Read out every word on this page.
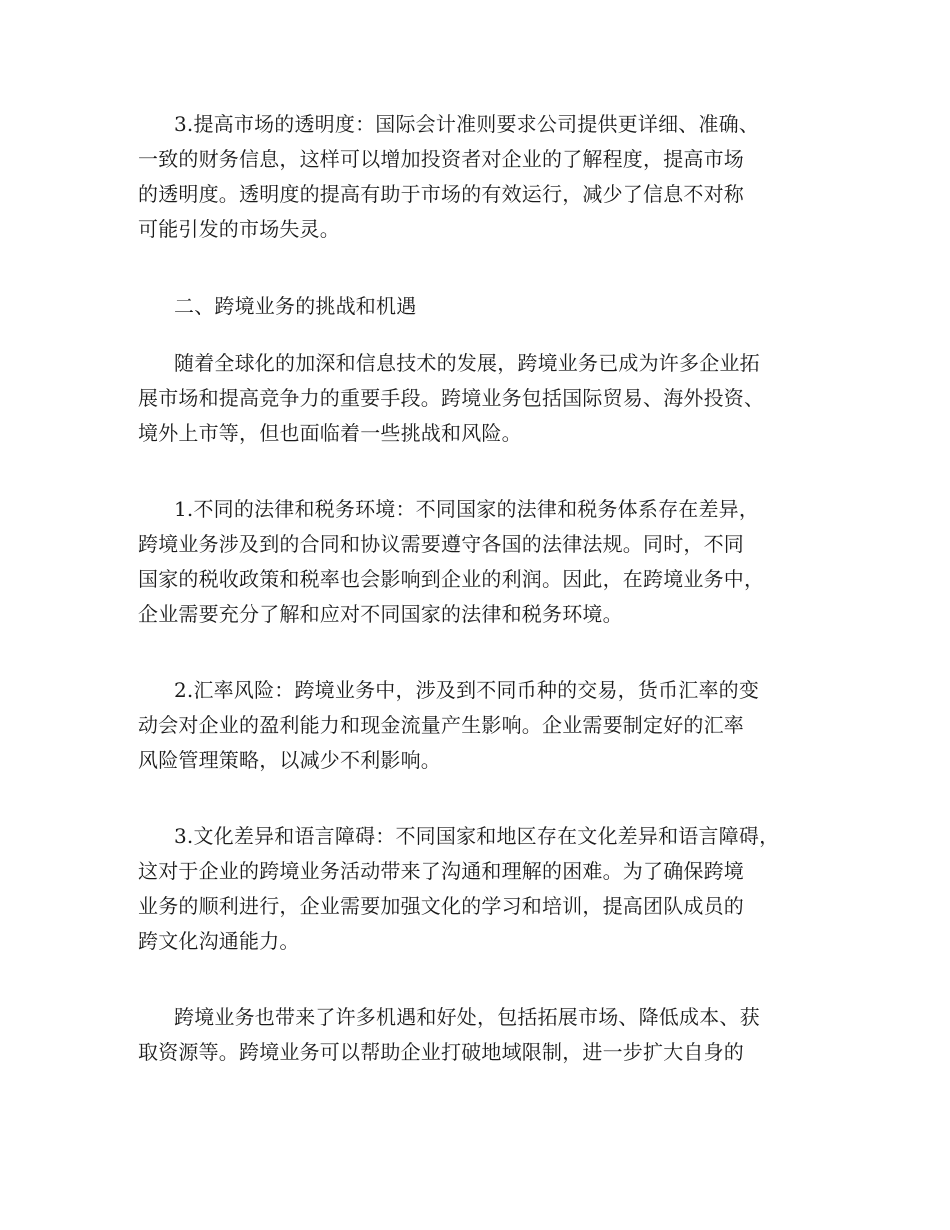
3.提高市场的透明度：国际会计准则要求公司提供更详细、准确、
一致的财务信息，这样可以增加投资者对企业的了解程度，提高市场
的透明度。透明度的提高有助于市场的有效运行，减少了信息不对称
可能引发的市场失灵。
二、跨境业务的挑战和机遇
随着全球化的加深和信息技术的发展，跨境业务已成为许多企业拓
展市场和提高竞争力的重要手段。跨境业务包括国际贸易、海外投资、
境外上市等，但也面临着一些挑战和风险。
1.不同的法律和税务环境：不同国家的法律和税务体系存在差异，
跨境业务涉及到的合同和协议需要遵守各国的法律法规。同时，不同
国家的税收政策和税率也会影响到企业的利润。因此，在跨境业务中，
企业需要充分了解和应对不同国家的法律和税务环境。
2.汇率风险：跨境业务中，涉及到不同币种的交易，货币汇率的变
动会对企业的盈利能力和现金流量产生影响。企业需要制定好的汇率
风险管理策略，以减少不利影响。
3.文化差异和语言障碍：不同国家和地区存在文化差异和语言障碍，
这对于企业的跨境业务活动带来了沟通和理解的困难。为了确保跨境
业务的顺利进行，企业需要加强文化的学习和培训，提高团队成员的
跨文化沟通能力。
跨境业务也带来了许多机遇和好处，包括拓展市场、降低成本、获
取资源等。跨境业务可以帮助企业打破地域限制，进一步扩大自身的
